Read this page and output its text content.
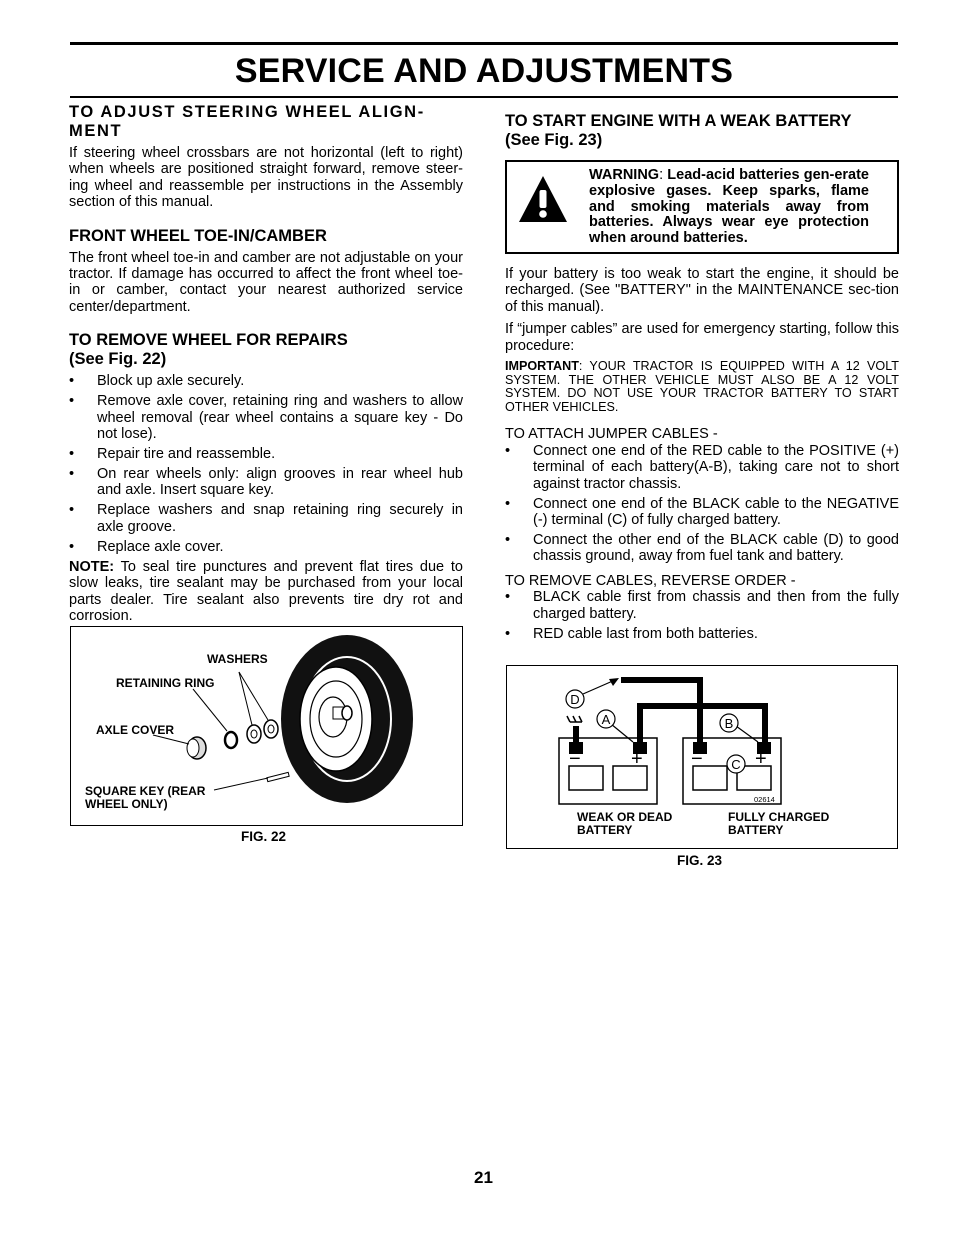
SERVICE AND ADJUSTMENTS
TO ADJUST STEERING WHEEL ALIGN-MENT

If steering wheel crossbars are not horizontal (left to right) when wheels are positioned straight forward, remove steer-ing wheel and reassemble per instructions in the Assembly section of this manual.

FRONT WHEEL TOE-IN/CAMBER

The front wheel toe-in and camber are not adjustable on your tractor. If damage has occurred to affect the front wheel toe-in or camber, contact your nearest authorized service center/department.

TO REMOVE WHEEL FOR REPAIRS
(See Fig. 22)
• Block up axle securely.
• Remove axle cover, retaining ring and washers to allow wheel removal (rear wheel contains a square key - Do not lose).
• Repair tire and reassemble.
• On rear wheels only: align grooves in rear wheel hub and axle. Insert square key.
• Replace washers and snap retaining ring securely in axle groove.
• Replace axle cover.

NOTE: To seal tire punctures and prevent flat tires due to slow leaks, tire sealant may be purchased from your local parts dealer. Tire sealant also prevents tire dry rot and corrosion.

WASHERS
RETAINING RING
AXLE COVER
SQUARE KEY (REAR
WHEEL ONLY)
FIG. 22
TO START ENGINE WITH A WEAK BATTERY
(See Fig. 23)
WARNING: Lead-acid batteries gen-erate explosive gases. Keep sparks, flame and smoking materials away from batteries. Always wear eye protection when around batteries.

If your battery is too weak to start the engine, it should be recharged. (See "BATTERY" in the MAINTENANCE sec-tion of this manual).

If “jumper cables” are used for emergency starting, follow this procedure:

IMPORTANT: YOUR TRACTOR IS EQUIPPED WITH A 12 VOLT SYSTEM. THE OTHER VEHICLE MUST ALSO BE A 12 VOLT SYSTEM. DO NOT USE YOUR TRACTOR BATTERY TO START OTHER VEHICLES.

TO ATTACH JUMPER CABLES -

• Connect one end of the RED cable to the POSITIVE (+) terminal of each battery(A-B), taking care not to short against tractor chassis.
• Connect one end of the BLACK cable to the NEGATIVE (-) terminal (C) of fully charged battery.
• Connect the other end of the BLACK cable (D) to good chassis ground, away from fuel tank and battery.

TO REMOVE CABLES, REVERSE ORDER -

• BLACK cable first from chassis and then from the fully charged battery.
• RED cable last from both batteries.
D
A	B
C
−	+ −	+
02614
WEAK OR DEAD
BATTERY
FULLY CHARGED
BATTERY
FIG. 23
21
